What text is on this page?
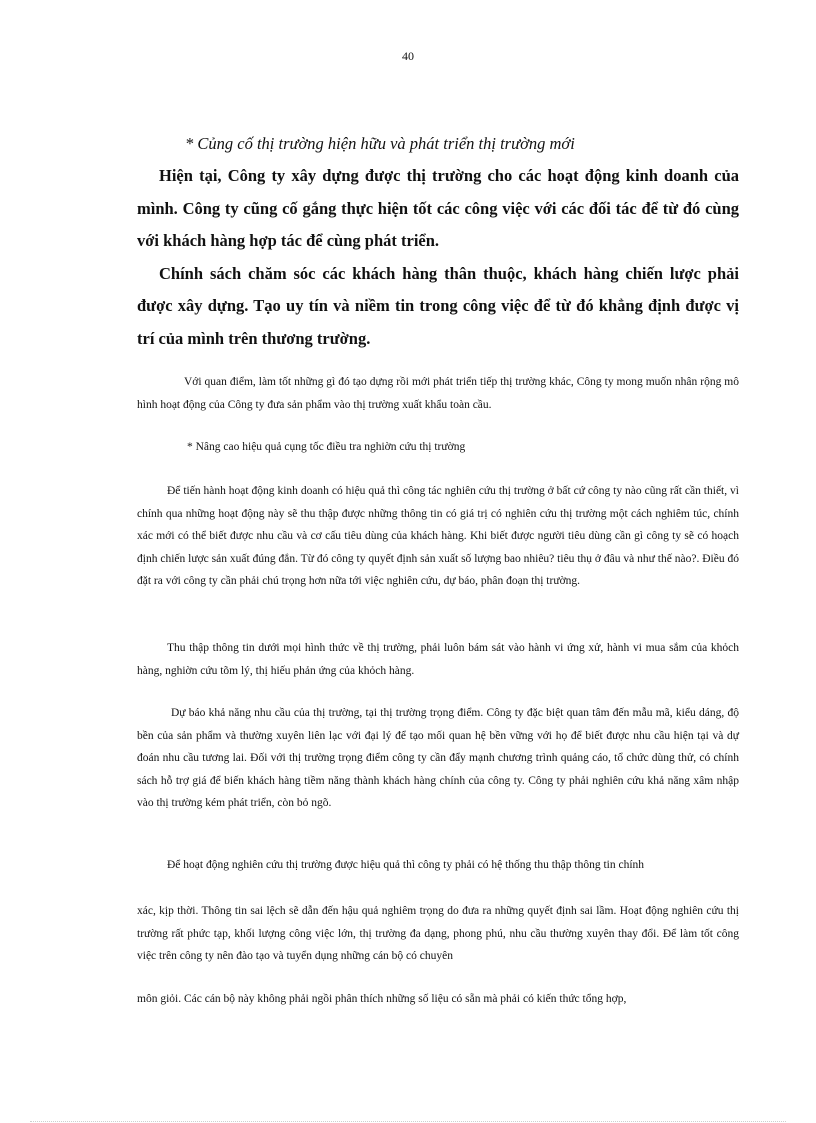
40
* Củng cố thị trường hiện hữu và phát triển thị trường mới
Hiện tại, Công ty xây dựng được thị trường cho các hoạt động kinh doanh của mình. Công ty cũng cố gắng thực hiện tốt các công việc với các đối tác để từ đó cùng với khách hàng hợp tác để cùng phát triển.
Chính sách chăm sóc các khách hàng thân thuộc, khách hàng chiến lược phải được xây dựng. Tạo uy tín và niềm tin trong công việc để từ đó khẳng định được vị trí của mình trên thương trường.
Với quan điểm, làm tốt những gì đó tạo dựng rồi mới phát triển tiếp thị trường khác, Công ty mong muốn nhân rộng mô hình hoạt động của Công ty đưa sản phẩm vào thị trường xuất khẩu toàn cầu.
* Nâng cao hiệu quả cụng tốc điều tra nghiờn cứu thị trường
Để tiến hành hoạt động kinh doanh có hiệu quả thì công tác nghiên cứu thị trường ở bất cứ công ty nào cũng rất cần thiết, vì chính qua những hoạt động này sẽ thu thập được những thông tin có giá trị có nghiên cứu thị trường một cách nghiêm túc, chính xác mới có thể biết được nhu cầu và cơ cấu tiêu dùng của khách hàng. Khi biết được người tiêu dùng cần gì công ty sẽ có hoạch định chiến lược sản xuất đúng đắn. Từ đó công ty quyết định sản xuất số lượng bao nhiêu? tiêu thụ ở đâu và như thế nào?. Điều đó đặt ra với công ty cần phải chú trọng hơn nữa tới việc nghiên cứu, dự báo, phân đoạn thị trường.
Thu thập thông tin dưới mọi hình thức về thị trường, phải luôn bám sát vào hành vi ứng xử, hành vi mua sắm của khỏch hàng, nghiờn cứu tõm lý, thị hiếu phản ứng của khỏch hàng.
Dự báo khả năng nhu cầu của thị trường, tại thị trường trọng điểm. Công ty đặc biệt quan tâm đến mẫu mã, kiểu dáng, độ bền của sản phẩm và thường xuyên liên lạc với đại lý để tạo mối quan hệ bền vững với họ để biết được nhu cầu hiện tại và dự đoán nhu cầu tương lai. Đối với thị trường trọng điểm công ty cần đẩy mạnh chương trình quảng cáo, tổ chức dùng thử, có chính sách hỗ trợ giá để biến khách hàng tiềm năng thành khách hàng chính của công ty. Công ty phải nghiên cứu khả năng xâm nhập vào thị trường kém phát triển, còn bỏ ngõ.
Để hoạt động nghiên cứu thị trường được hiệu quả thì công ty phải có hệ thống thu thập thông tin chính
xác, kịp thời. Thông tin sai lệch sẽ dẫn đến hậu quả nghiêm trọng do đưa ra những quyết định sai lầm. Hoạt động nghiên cứu thị trường rất phức tạp, khối lượng công việc lớn, thị trường đa dạng, phong phú, nhu cầu thường xuyên thay đổi. Để làm tốt công việc trên công ty nên đào tạo và tuyển dụng những cán bộ có chuyên
môn giỏi. Các cán bộ này không phải ngồi phân thích những số liệu có sẵn mà phải có kiến thức tổng hợp,
